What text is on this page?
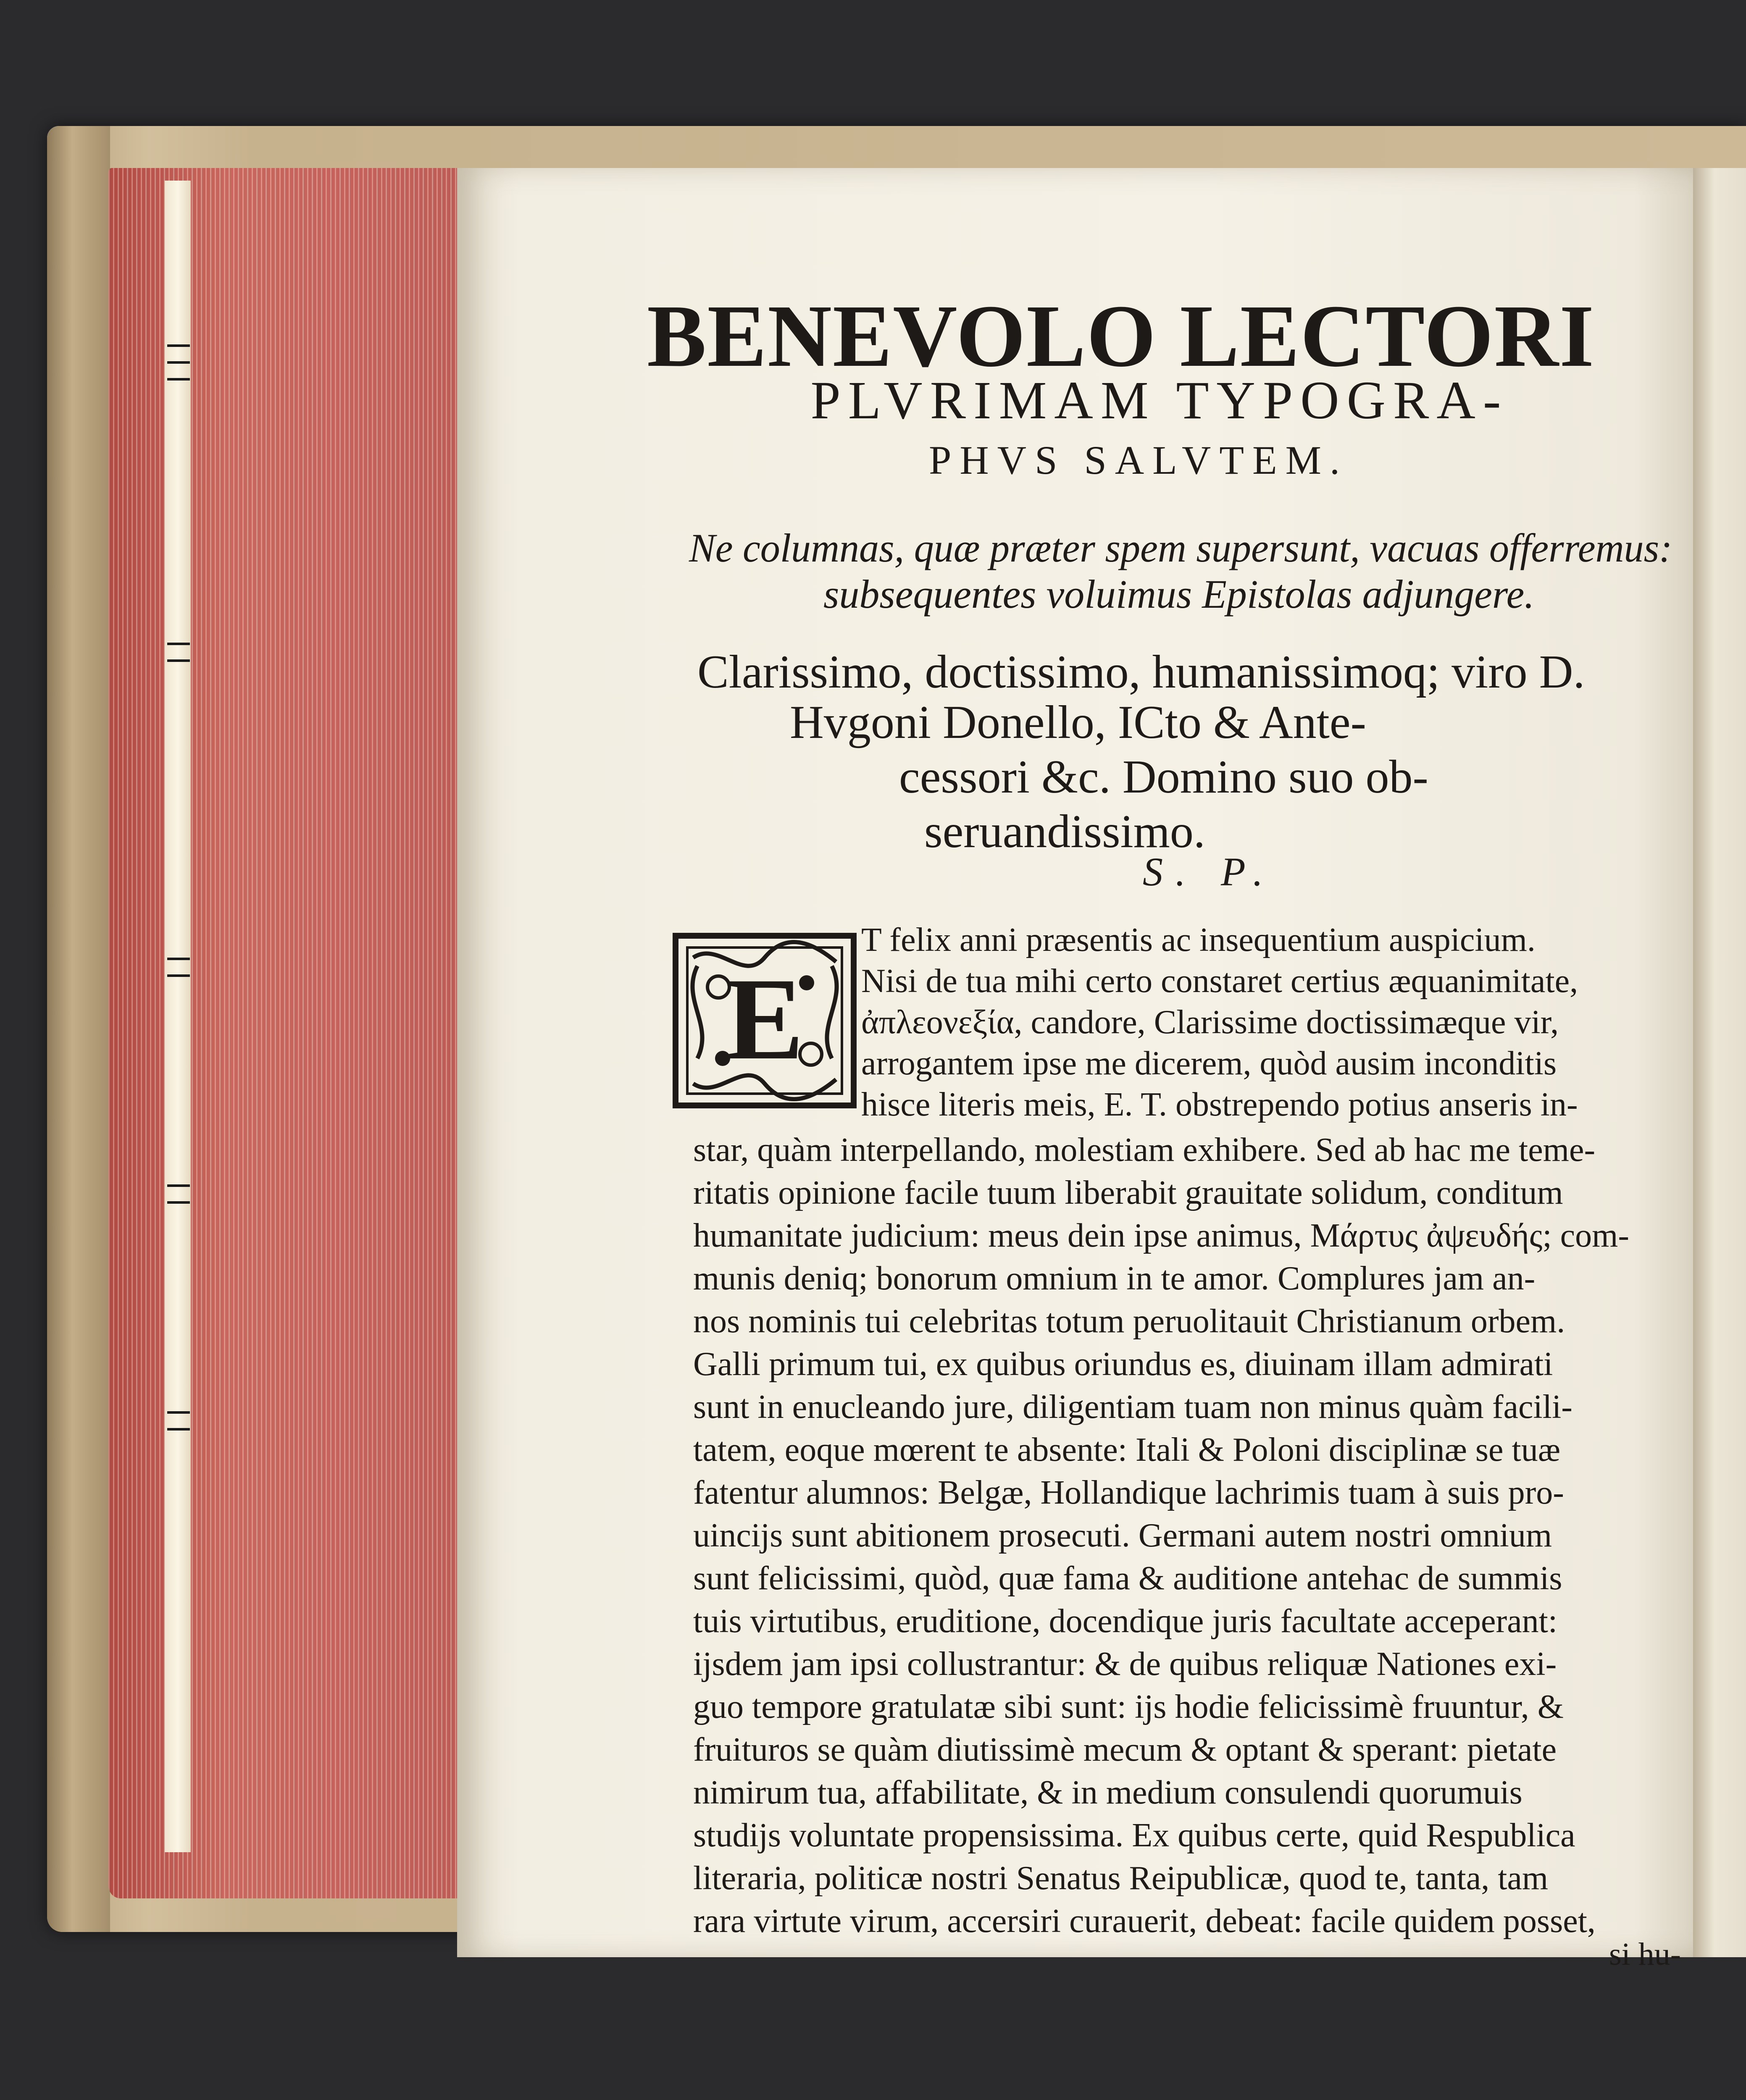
BENEVOLO LECTORI
PLVRIMAM TYPOGRA-
PHVS SALVTEM.
Ne columnas, quæ præter spem supersunt, vacuas offerremus:
subsequentes voluimus Epistolas adjungere.
Clarissimo, doctissimo, humanissimoq; viro D.
Hvgoni Donello, ICto & Ante-
cessori &c. Domino suo ob-
seruandissimo.
S. P.
E
T felix anni præsentis ac insequentium auspicium.
Nisi de tua mihi certo constaret certius æquanimitate,
ἀπλεονεξία, candore, Clarissime doctissimæque vir,
arrogantem ipse me dicerem, quòd ausim inconditis
hisce literis meis, E. T. obstrependo potius anseris in-
star, quàm interpellando, molestiam exhibere. Sed ab hac me teme-
ritatis opinione facile tuum liberabit grauitate solidum, conditum
humanitate judicium: meus dein ipse animus, Μάρτυς ἀψευδής; com-
munis deniq; bonorum omnium in te amor. Complures jam an-
nos nominis tui celebritas totum peruolitauit Christianum orbem.
Galli primum tui, ex quibus oriundus es, diuinam illam admirati
sunt in enucleando jure, diligentiam tuam non minus quàm facili-
tatem, eoque mœrent te absente: Itali & Poloni disciplinæ se tuæ
fatentur alumnos: Belgæ, Hollandique lachrimis tuam à suis pro-
uincijs sunt abitionem prosecuti. Germani autem nostri omnium
sunt felicissimi, quòd, quæ fama & auditione antehac de summis
tuis virtutibus, eruditione, docendique juris facultate acceperant:
ijsdem jam ipsi collustrantur: & de quibus reliquæ Nationes exi-
guo tempore gratulatæ sibi sunt: ijs hodie felicissimè fruuntur, &
fruituros se quàm diutissimè mecum & optant & sperant: pietate
nimirum tua, affabilitate, & in medium consulendi quorumuis
studijs voluntate propensissima. Ex quibus certe, quid Respublica
literaria, politicæ nostri Senatus Reipublicæ, quod te, tanta, tam
rara virtute virum, accersiri curauerit, debeat: facile quidem posset,
si hu-
